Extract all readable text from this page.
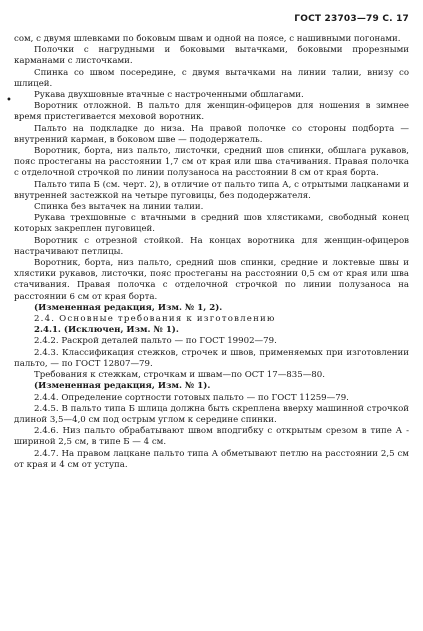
ГОСТ 23703—79 С. 17
•

сом, с двумя шлевками по боковым швам и одной на поясе, с нашивными погонами.

Полочки с нагрудными и боковыми вытачками, боковыми прорезными карманами с листочками.

Спинка со швом посередине, с двумя вытачками на линии талии, внизу со шлицей.

Рукава двухшовные втачные с настроченными обшлагами.

Воротник отложной. В пальто для женщин-офицеров для ношения в зимнее время пристегивается меховой воротник.

Пальто на подкладке до низа. На правой полочке со стороны подборта — внутренний карман, в боковом шве — пододержатель.

Воротник, борта, низ пальто, листочки, средний шов спинки, обшлага рукавов, пояс простеганы на расстоянии 1,7 см от края или шва стачивания. Правая полочка с отделочной строчкой по линии полузаноса на расстоянии 8 см от края борта.

Пальто типа Б (см. черт. 2), в отличие от пальто типа А, с отрытыми лацканами и внутренней застежкой на четыре пуговицы, без пододержателя.

Спинка без вытачек на линии талии.

Рукава трехшовные с втачными в средний шов хлястиками, свободный конец которых закреплен пуговицей.

Воротник с отрезной стойкой. На концах воротника для женщин-офицеров настрачивают петлицы.

Воротник, борта, низ пальто, средний шов спинки, средние и локтевые швы и хлястики рукавов, листочки, пояс простеганы на расстоянии 0,5 см от края или шва стачивания. Правая полочка с отделочной строчкой по линии полузаноса на расстоянии 6 см от края борта.

(Измененная редакция, Изм. № 1, 2).

2.4. Основные требования к изготовлению

2.4.1. (Исключен, Изм. № 1).

2.4.2. Раскрой деталей пальто — по ГОСТ 19902—79.

2.4.3. Классификация стежков, строчек и швов, применяемых при изготовлении пальто, — по ГОСТ 12807—79.

Требования к стежкам, строчкам и швам—по ОСТ 17—835—80.

(Измененная редакция, Изм. № 1).

2.4.4. Определение сортности готовых пальто — по ГОСТ 11259—79.

2.4.5. В пальто типа Б шлица должна быть скреплена вверху машинной строчкой длиной 3,5—4,0 см под острым углом к середине спинки.

2.4.6. Низ пальто обрабатывают швом вподгибку с открытым срезом в типе А - шириной 2,5 см, в типе Б — 4 см.

2.4.7. На правом лацкане пальто типа А обметывают петлю на расстоянии 2,5 см от края и 4 см от уступа.
